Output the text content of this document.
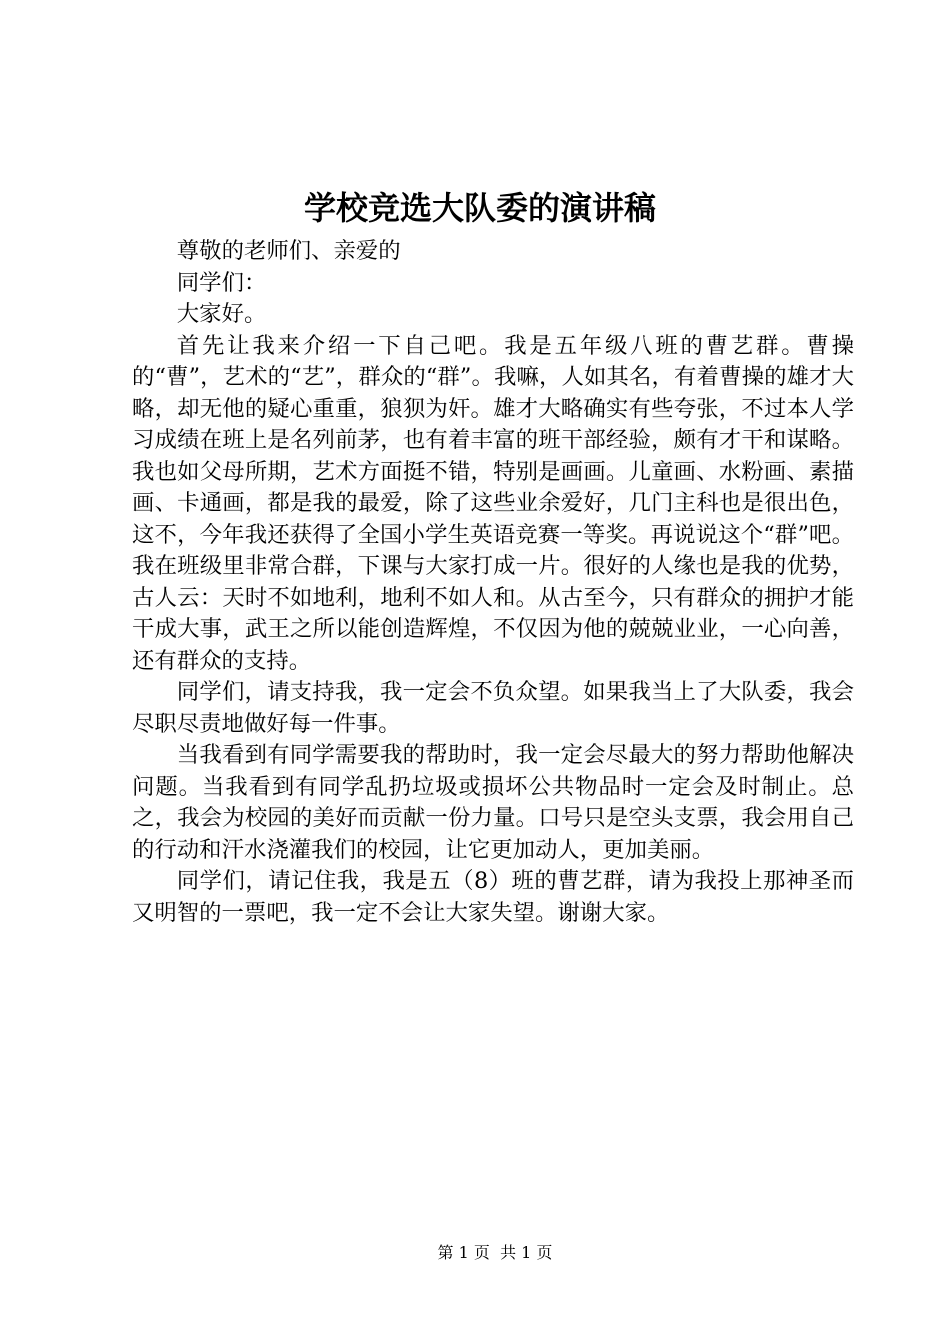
学校竞选大队委的演讲稿

尊敬的老师们、亲爱的

同学们：

大家好。

首先让我来介绍一下自己吧。我是五年级八班的曹艺群。曹操的“曹”，艺术的“艺”，群众的“群”。我嘛，人如其名，有着曹操的雄才大略，却无他的疑心重重，狼狈为奸。雄才大略确实有些夸张，不过本人学习成绩在班上是名列前茅，也有着丰富的班干部经验，颇有才干和谋略。我也如父母所期，艺术方面挺不错，特别是画画。儿童画、水粉画、素描画、卡通画，都是我的最爱，除了这些业余爱好，几门主科也是很出色，这不，今年我还获得了全国小学生英语竞赛一等奖。再说说这个“群”吧。我在班级里非常合群，下课与大家打成一片。很好的人缘也是我的优势，古人云：天时不如地利，地利不如人和。从古至今，只有群众的拥护才能干成大事，武王之所以能创造辉煌，不仅因为他的兢兢业业，一心向善，还有群众的支持。

同学们，请支持我，我一定会不负众望。如果我当上了大队委，我会尽职尽责地做好每一件事。

当我看到有同学需要我的帮助时，我一定会尽最大的努力帮助他解决问题。当我看到有同学乱扔垃圾或损坏公共物品时一定会及时制止。总之，我会为校园的美好而贡献一份力量。口号只是空头支票，我会用自己的行动和汗水浇灌我们的校园，让它更加动人，更加美丽。

同学们，请记住我，我是五（8）班的曹艺群，请为我投上那神圣而又明智的一票吧，我一定不会让大家失望。谢谢大家。

第 1 页 共 1 页
